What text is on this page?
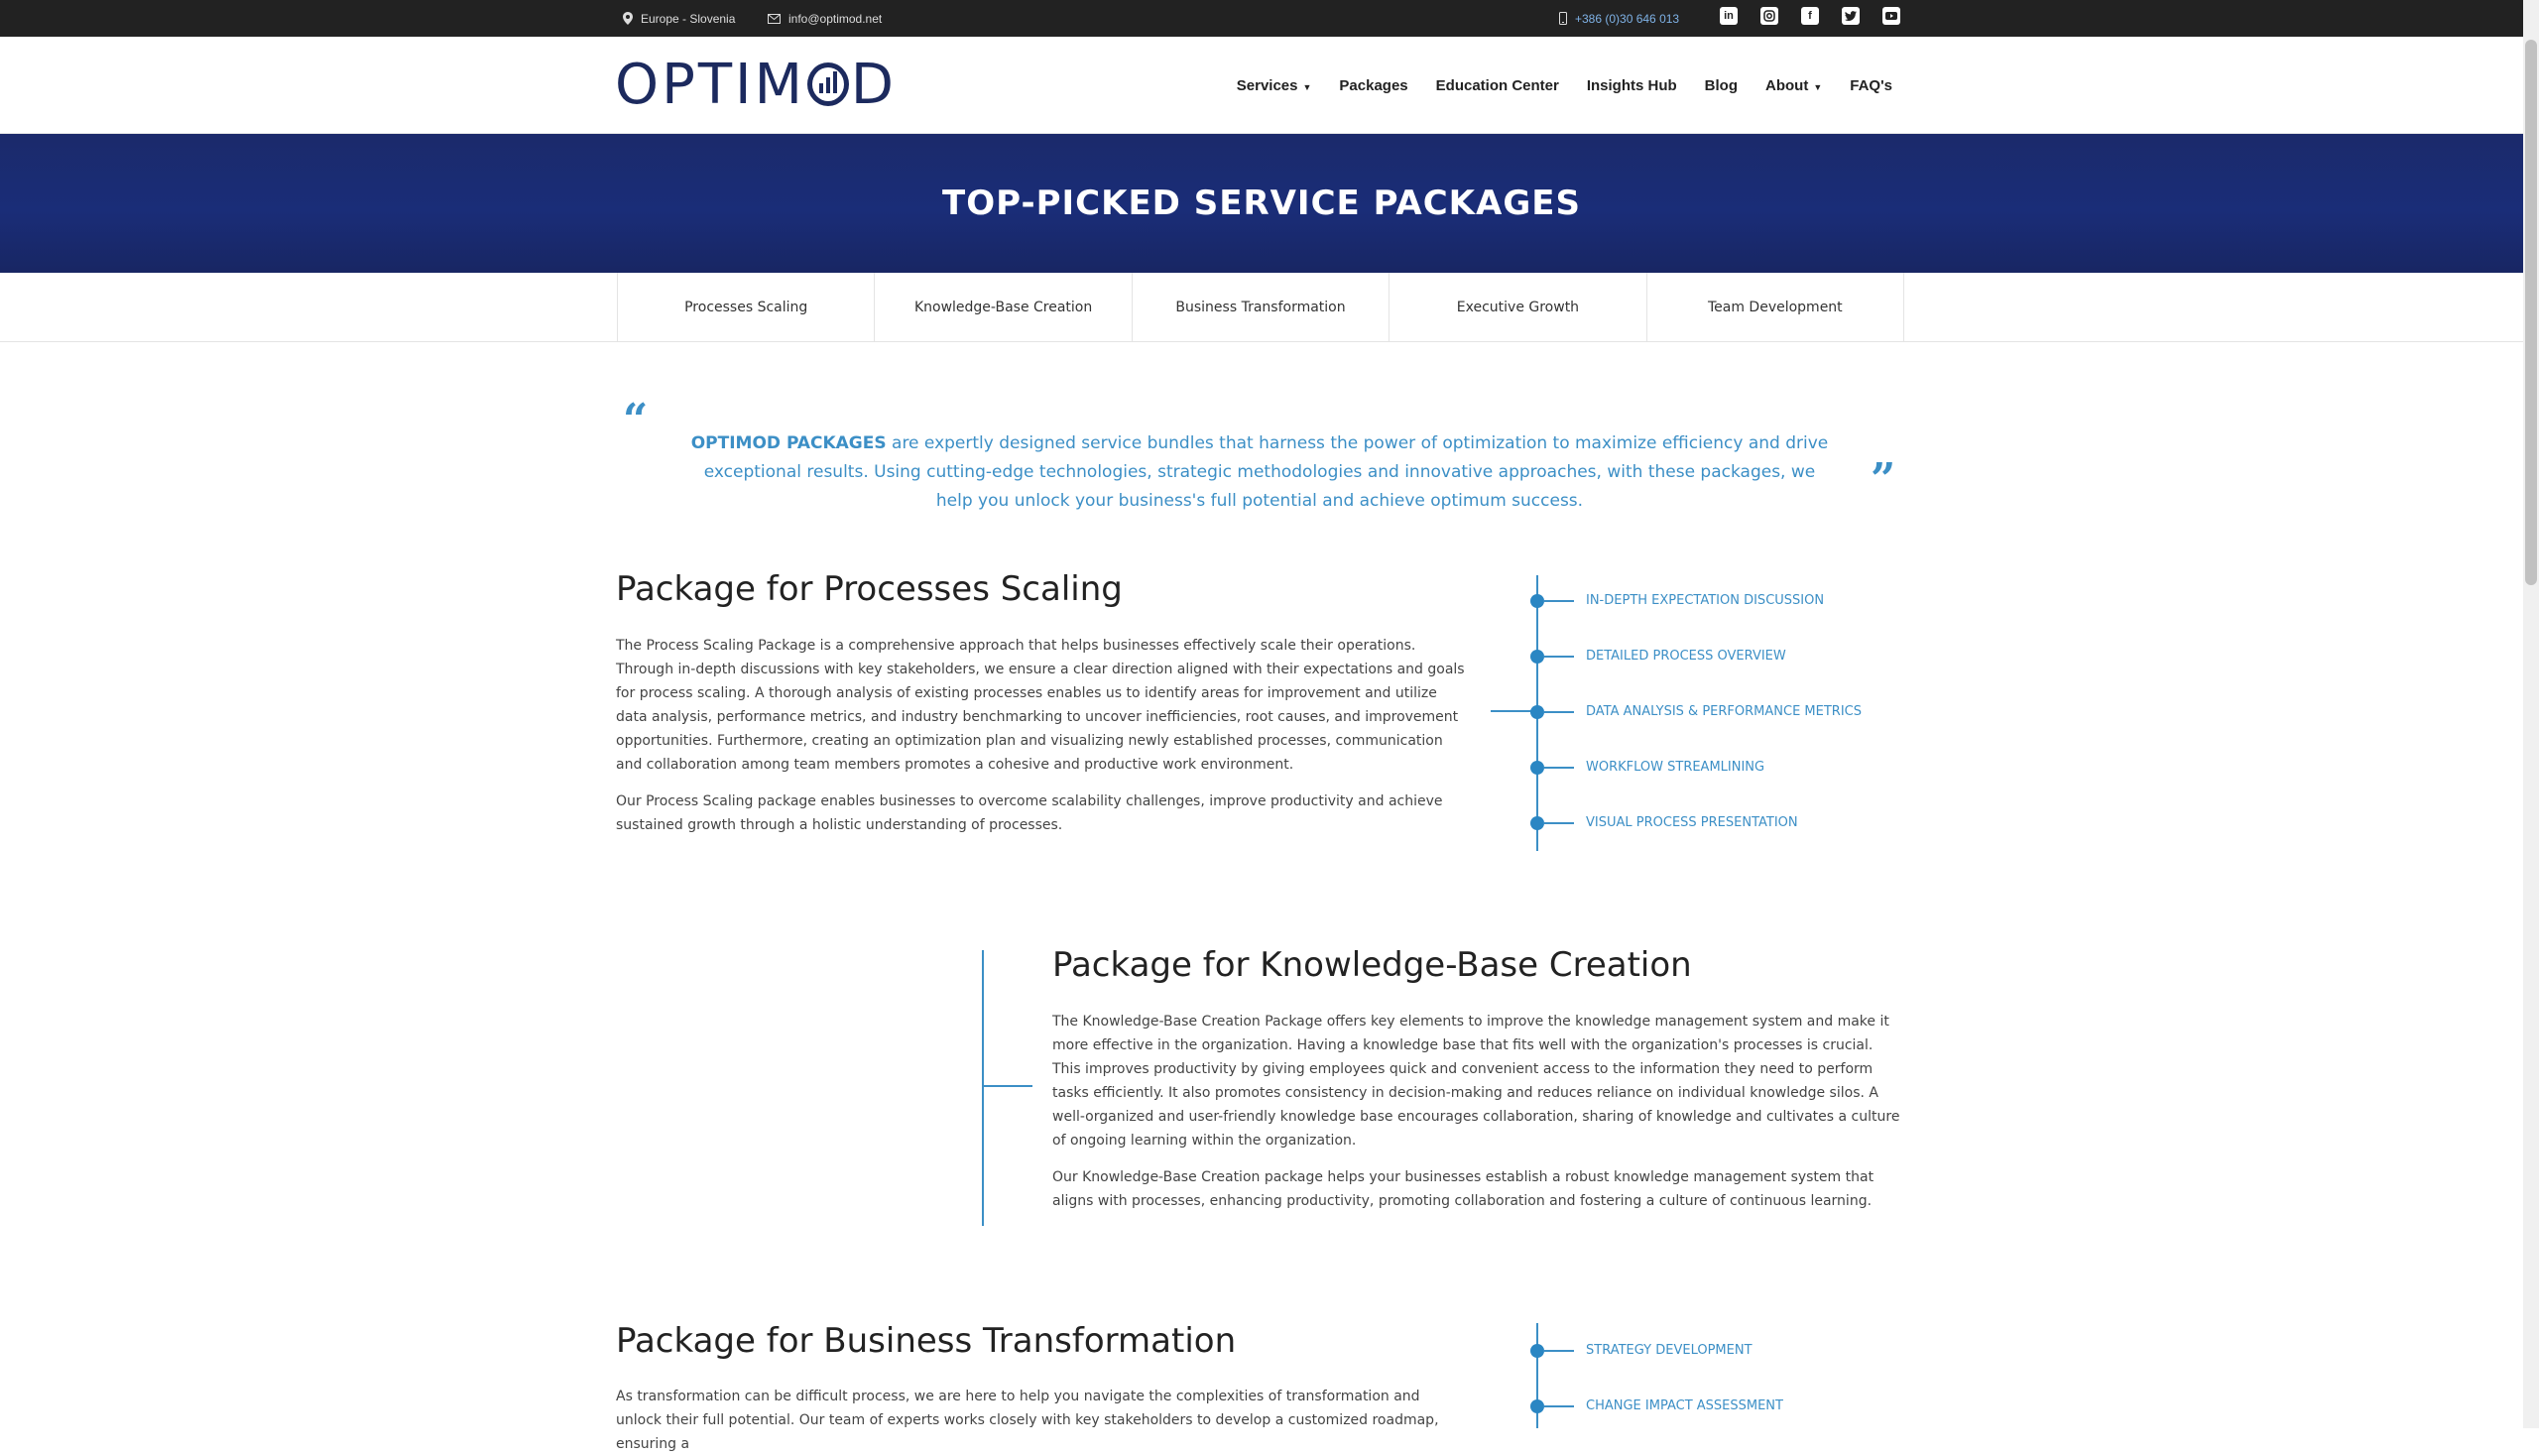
Europe - Slovenia	info@optimod.net	+386 (0)30 646 013	in	f
OPTIM D	Services ▼ Packages Education Center Insights Hub Blog About ▼ FAQ's
TOP-PICKED SERVICE PACKAGES
Processes Scaling	Knowledge-Base Creation	Business Transformation	Executive Growth	Team Development
“
”

OPTIMOD PACKAGES are expertly designed service bundles that harness the power of optimization to maximize efficiency and drive exceptional results. Using cutting-edge technologies, strategic methodologies and innovative approaches, with these packages, we help you unlock your business's full potential and achieve optimum success.

Package for Processes Scaling

The Process Scaling Package is a comprehensive approach that helps businesses effectively scale their operations. Through in-depth discussions with key stakeholders, we ensure a clear direction aligned with their expectations and goals for process scaling. A thorough analysis of existing processes enables us to identify areas for improvement and utilize data analysis, performance metrics, and industry benchmarking to uncover inefficiencies, root causes, and improvement opportunities. Furthermore, creating an optimization plan and visualizing newly established processes, communication and collaboration among team members promotes a cohesive and productive work environment.

Our Process Scaling package enables businesses to overcome scalability challenges, improve productivity and achieve sustained growth through a holistic understanding of processes.

IN-DEPTH EXPECTATION DISCUSSION
DETAILED PROCESS OVERVIEW
DATA ANALYSIS & PERFORMANCE METRICS
WORKFLOW STREAMLINING
VISUAL PROCESS PRESENTATION
Package for Knowledge-Base Creation

The Knowledge-Base Creation Package offers key elements to improve the knowledge management system and make it more effective in the organization. Having a knowledge base that fits well with the organization's processes is crucial. This improves productivity by giving employees quick and convenient access to the information they need to perform tasks efficiently. It also promotes consistency in decision-making and reduces reliance on individual knowledge silos. A well-organized and user-friendly knowledge base encourages collaboration, sharing of knowledge and cultivates a culture of ongoing learning within the organization.

Our Knowledge-Base Creation package helps your businesses establish a robust knowledge management system that aligns with processes, enhancing productivity, promoting collaboration and fostering a culture of continuous learning.

Package for Business Transformation

As transformation can be difficult process, we are here to help you navigate the complexities of transformation and unlock their full potential. Our team of experts works closely with key stakeholders to develop a customized roadmap, ensuring a

STRATEGY DEVELOPMENT
CHANGE IMPACT ASSESSMENT
